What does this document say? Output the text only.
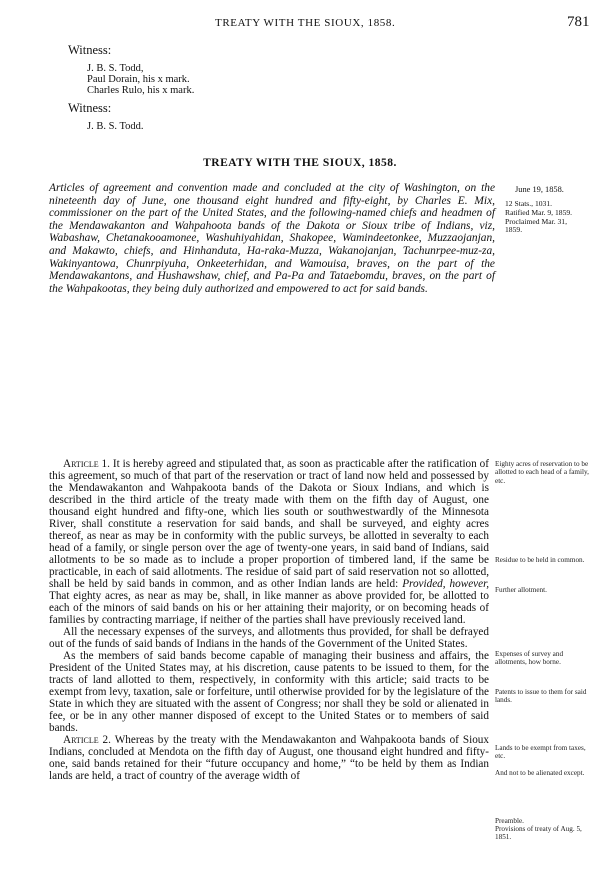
TREATY WITH THE SIOUX, 1858.	781
Witness:
J. B. S. Todd,
Paul Dorain, his x mark.
Charles Rulo, his x mark.
Witness:
J. B. S. Todd.
TREATY WITH THE SIOUX, 1858.
June 19, 1858.
12 Stats., 1031.
Ratified Mar. 9, 1859.
Proclaimed Mar. 31,
1859.

Articles of agreement and convention made and concluded at the city of Washington, on the nineteenth day of June, one thousand eight hundred and fifty-eight, by Charles E. Mix, commissioner on the part of the United States, and the following-named chiefs and headmen of the Mendawakanton and Wahpahoota bands of the Dakota or Sioux tribe of Indians, viz, Wabashaw, Chetanakooamonee, Washuhiyahidan, Shakopee, Wamindeetonkee, Muzzaojanjan, and Makawto, chiefs, and Hinhanduta, Ha-raka-Muzza, Wakanojanjan, Tachunrpee-muz-za, Wakinyantowa, Chunrpiyuha, Onkeeterhidan, and Wamouisa, braves, on the part of the Mendawakantons, and Hushawshaw, chief, and Pa-Pa and Tataebomdu, braves, on the part of the Wahpakootas, they being duly authorized and empowered to act for said bands.

Eighty acres of reservation to be allotted to each head of a family, etc.
Residue to be held in common.
Further allotment.
Expenses of survey and allotments, how borne.
Patents to issue to them for said lands.
Lands to be exempt from taxes, etc.
And not to be alienated except.
Preamble.
Provisions of treaty of Aug. 5, 1851.

Article 1. It is hereby agreed and stipulated that, as soon as practicable after the ratification of this agreement, so much of that part of the reservation or tract of land now held and possessed by the Mendawakanton and Wahpakoota bands of the Dakota or Sioux Indians, and which is described in the third article of the treaty made with them on the fifth day of August, one thousand eight hundred and fifty-one, which lies south or southwestwardly of the Minnesota River, shall constitute a reservation for said bands, and shall be surveyed, and eighty acres thereof, as near as may be in conformity with the public surveys, be allotted in severalty to each head of a family, or single person over the age of twenty-one years, in said band of Indians, said allotments to be so made as to include a proper proportion of timbered land, if the same be practicable, in each of said allotments. The residue of said part of said reservation not so allotted, shall be held by said bands in common, and as other Indian lands are held: Provided, however, That eighty acres, as near as may be, shall, in like manner as above provided for, be allotted to each of the minors of said bands on his or her attaining their majority, or on becoming heads of families by contracting marriage, if neither of the parties shall have previously received land.

All the necessary expenses of the surveys, and allotments thus provided, for shall be defrayed out of the funds of said bands of Indians in the hands of the Government of the United States.

As the members of said bands become capable of managing their business and affairs, the President of the United States may, at his discretion, cause patents to be issued to them, for the tracts of land allotted to them, respectively, in conformity with this article; said tracts to be exempt from levy, taxation, sale or forfeiture, until otherwise provided for by the legislature of the State in which they are situated with the assent of Congress; nor shall they be sold or alienated in fee, or be in any other manner disposed of except to the United States or to members of said bands.

Article 2. Whereas by the treaty with the Mendawakanton and Wahpakoota bands of Sioux Indians, concluded at Mendota on the fifth day of August, one thousand eight hundred and fifty-one, said bands retained for their “future occupancy and home,” “to be held by them as Indian lands are held, a tract of country of the average width of
